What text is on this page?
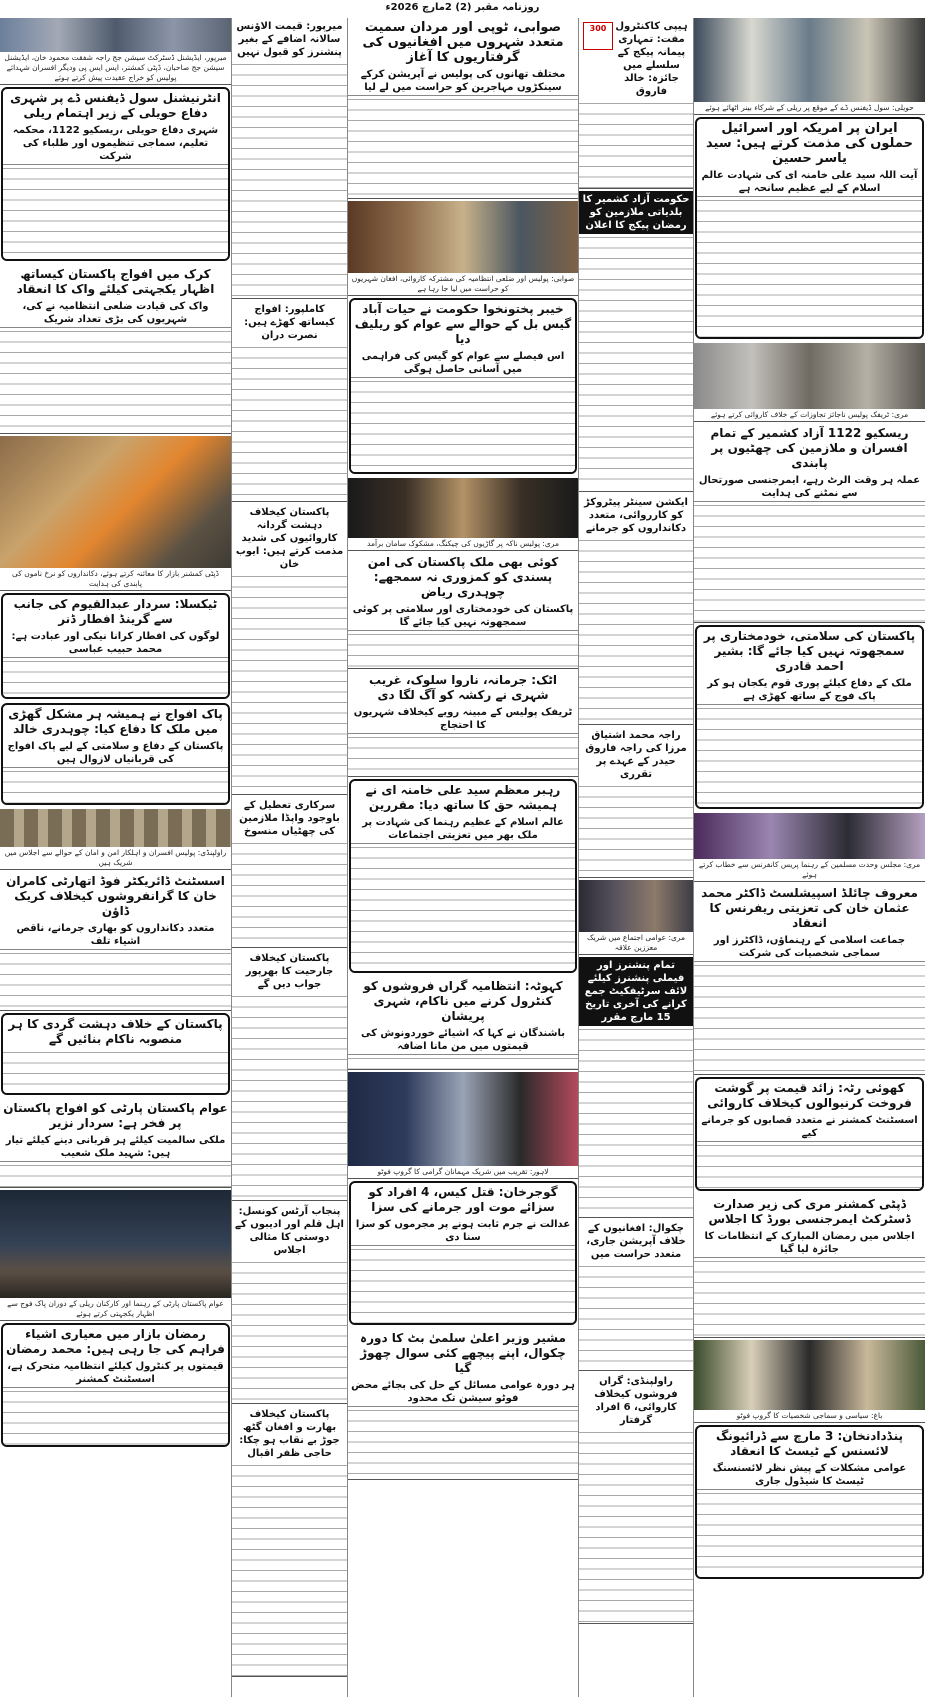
روزنامہ مقبر (2) 2مارچ 2026ء
میرپور، ایڈیشنل ڈسٹرکٹ سیشن جج راجہ شفقت محمود خان، ایڈیشنل سیشن جج صاحبان، ڈپٹی کمشنر، ایس ایس پی ودیگر افسران شہدائے پولیس کو خراج عقیدت پیش کرتے ہوئے
انٹرنیشنل سول ڈیفنس ڈے پر شہری دفاع حویلی کے زیر اہتمام ریلی
شہری دفاع حویلی ،ریسکیو 1122، محکمہ تعلیم، سماجی تنظیموں اور طلباء کی شرکت
کرک میں افواج پاکستان کیساتھ اظہار یکجہتی کیلئے واک کا انعقاد
واک کی قیادت ضلعی انتظامیہ نے کی، شہریوں کی بڑی تعداد شریک
ڈپٹی کمشنر بازار کا معائنہ کرتے ہوئے، دکانداروں کو نرخ ناموں کی پابندی کی ہدایت
ٹیکسلا: سردار عبدالقیوم کی جانب سے گرینڈ افطار ڈنر
لوگوں کی افطار کرانا نیکی اور عبادت ہے: محمد حبیب عباسی
پاک افواج نے ہمیشہ ہر مشکل گھڑی میں ملک کا دفاع کیا: چوہدری خالد
پاکستان کے دفاع و سلامتی کے لیے پاک افواج کی قربانیاں لازوال ہیں
راولپنڈی: پولیس افسران و اہلکار امن و امان کے حوالے سے اجلاس میں شریک ہیں
اسسٹنٹ ڈائریکٹر فوڈ اتھارٹی کامران خان کا گرانفروشوں کیخلاف کریک ڈاؤن
متعدد دکانداروں کو بھاری جرمانے، ناقص اشیاء تلف
پاکستان کے خلاف دہشت گردی کا ہر منصوبہ ناکام بنائیں گے
عوام پاکستان پارٹی کو افواج پاکستان پر فخر ہے: سردار نزیر
ملکی سالمیت کیلئے ہر قربانی دینے کیلئے تیار ہیں: شہید ملک شعیب
عوام پاکستان پارٹی کے رہنما اور کارکنان ریلی کے دوران پاک فوج سے اظہار یکجہتی کرتے ہوئے
رمضان بازار میں معیاری اشیاء فراہم کی جا رہی ہیں: محمد رمضان
قیمتوں پر کنٹرول کیلئے انتظامیہ متحرک ہے، اسسٹنٹ کمشنر
میرپور: قیمت الاؤنس سالانہ اضافے کے بغیر پنشنرز کو قبول نہیں
کاملپور: افواج کیساتھ کھڑے ہیں: نصرت دران
پاکستان کیخلاف دہشت گردانہ کاروائیوں کی شدید مذمت کرتے ہیں: ایوب خان
سرکاری تعطیل کے باوجود واپڈا ملازمین کی چھٹیاں منسوخ
پاکستان کیخلاف جارحیت کا بھرپور جواب دیں گے
پنجاب آرٹس کونسل: اہل قلم اور ادیبوں کے دوستی کا مثالی اجلاس
پاکستان کیخلاف بھارت و افغان گٹھ جوڑ بے نقاب ہو چکا: حاجی ظفر اقبال
صوابی، ٹوپی اور مردان سمیت متعدد شہروں میں افغانیوں کی گرفتاریوں کا آغاز
مختلف تھانوں کی پولیس نے آپریشن کرکے سینکڑوں مہاجرین کو حراست میں لے لیا
صوابی: پولیس اور ضلعی انتظامیہ کی مشترکہ کاروائی، افغان شہریوں کو حراست میں لیا جا رہا ہے
خیبر پختونخوا حکومت نے حیات آباد گیس بل کے حوالے سے عوام کو ریلیف دیا
اس فیصلے سے عوام کو گیس کی فراہمی میں آسانی حاصل ہوگی
مری: پولیس ناکہ پر گاڑیوں کی چیکنگ، مشکوک سامان برآمد
کوئی بھی ملک پاکستان کی امن پسندی کو کمزوری نہ سمجھے: چوہدری ریاض
پاکستان کی خودمختاری اور سلامتی پر کوئی سمجھوتہ نہیں کیا جائے گا
اٹک: جرمانہ، ناروا سلوک، غریب شہری نے رکشہ کو آگ لگا دی
ٹریفک پولیس کے مبینہ رویے کیخلاف شہریوں کا احتجاج
رہبر معظم سید علی خامنہ ای نے ہمیشہ حق کا ساتھ دیا: مقررین
عالم اسلام کے عظیم رہنما کی شہادت پر ملک بھر میں تعزیتی اجتماعات
کہوٹہ: انتظامیہ گراں فروشوں کو کنٹرول کرنے میں ناکام، شہری پریشان
باشندگان نے کہا کہ اشیائے خوردونوش کی قیمتوں میں من مانا اضافہ
لاہور: تقریب میں شریک مہمانان گرامی کا گروپ فوٹو
گوجرخان: قتل کیس، 4 افراد کو سزائے موت اور جرمانے کی سزا
عدالت نے جرم ثابت ہونے پر مجرموں کو سزا سنا دی
مشیر وزیر اعلیٰ سلمیٰ بٹ کا دورہ چکوال، اپنے پیچھے کئی سوال چھوڑ گیا
ہر دورہ عوامی مسائل کے حل کی بجائے محض فوٹو سیشن تک محدود
300 ہیپی کاکنٹرول مفت: تمہاری پیمانہ پیکج کے سلسلے میں جائزہ: خالد فاروق
حکومت آزاد کشمیر کا بلدیاتی ملازمین کو رمضان پیکج کا اعلان
ایکشن سینٹر پیٹروکڑ کو کارروائی، متعدد دکانداروں کو جرمانے
راجہ محمد اشتیاق مرزا کی راجہ فاروق حیدر کے عہدے پر تقرری
مری: عوامی اجتماع میں شریک معززین علاقہ
تمام پنشنرز اور فیملی پنشنرز کیلئے لائف سرٹیفکیٹ جمع کرانے کی آخری تاریخ 15 مارچ مقرر
چکوال: افغانیوں کے خلاف آپریشن جاری، متعدد حراست میں
راولپنڈی: گراں فروشوں کیخلاف کاروائی، 6 افراد گرفتار
حویلی: سول ڈیفنس ڈے کے موقع پر ریلی کے شرکاء بینر اٹھائے ہوئے
ایران پر امریکہ اور اسرائیل حملوں کی مذمت کرتے ہیں: سید یاسر حسین
آیت اللہ سید علی خامنہ ای کی شہادت عالم اسلام کے لیے عظیم سانحہ ہے
مری: ٹریفک پولیس ناجائز تجاوزات کے خلاف کاروائی کرتے ہوئے
ریسکیو 1122 آزاد کشمیر کے تمام افسران و ملازمین کی چھٹیوں پر پابندی
عملہ ہر وقت الرٹ رہے، ایمرجنسی صورتحال سے نمٹنے کی ہدایت
پاکستان کی سلامتی، خودمختاری پر سمجھوتہ نہیں کیا جائے گا: بشیر احمد قادری
ملک کے دفاع کیلئے پوری قوم یکجان ہو کر پاک فوج کے ساتھ کھڑی ہے
مری: مجلس وحدت مسلمین کے رہنما پریس کانفرنس سے خطاب کرتے ہوئے
معروف چائلڈ اسپیشلسٹ ڈاکٹر محمد عثمان خان کی تعزیتی ریفرنس کا انعقاد
جماعت اسلامی کے رہنماؤں، ڈاکٹرز اور سماجی شخصیات کی شرکت
کھوئی رٹہ: زائد قیمت پر گوشت فروخت کرنیوالوں کیخلاف کاروائی
اسسٹنٹ کمشنر نے متعدد قصابوں کو جرمانے کیے
ڈپٹی کمشنر مری کی زیر صدارت ڈسٹرکٹ ایمرجنسی بورڈ کا اجلاس
اجلاس میں رمضان المبارک کے انتظامات کا جائزہ لیا گیا
باغ: سیاسی و سماجی شخصیات کا گروپ فوٹو
پنڈدادنخان: 3 مارچ سے ڈرائیونگ لائسنس کے ٹیسٹ کا انعقاد
عوامی مشکلات کے پیش نظر لائسنسنگ ٹیسٹ کا شیڈول جاری
